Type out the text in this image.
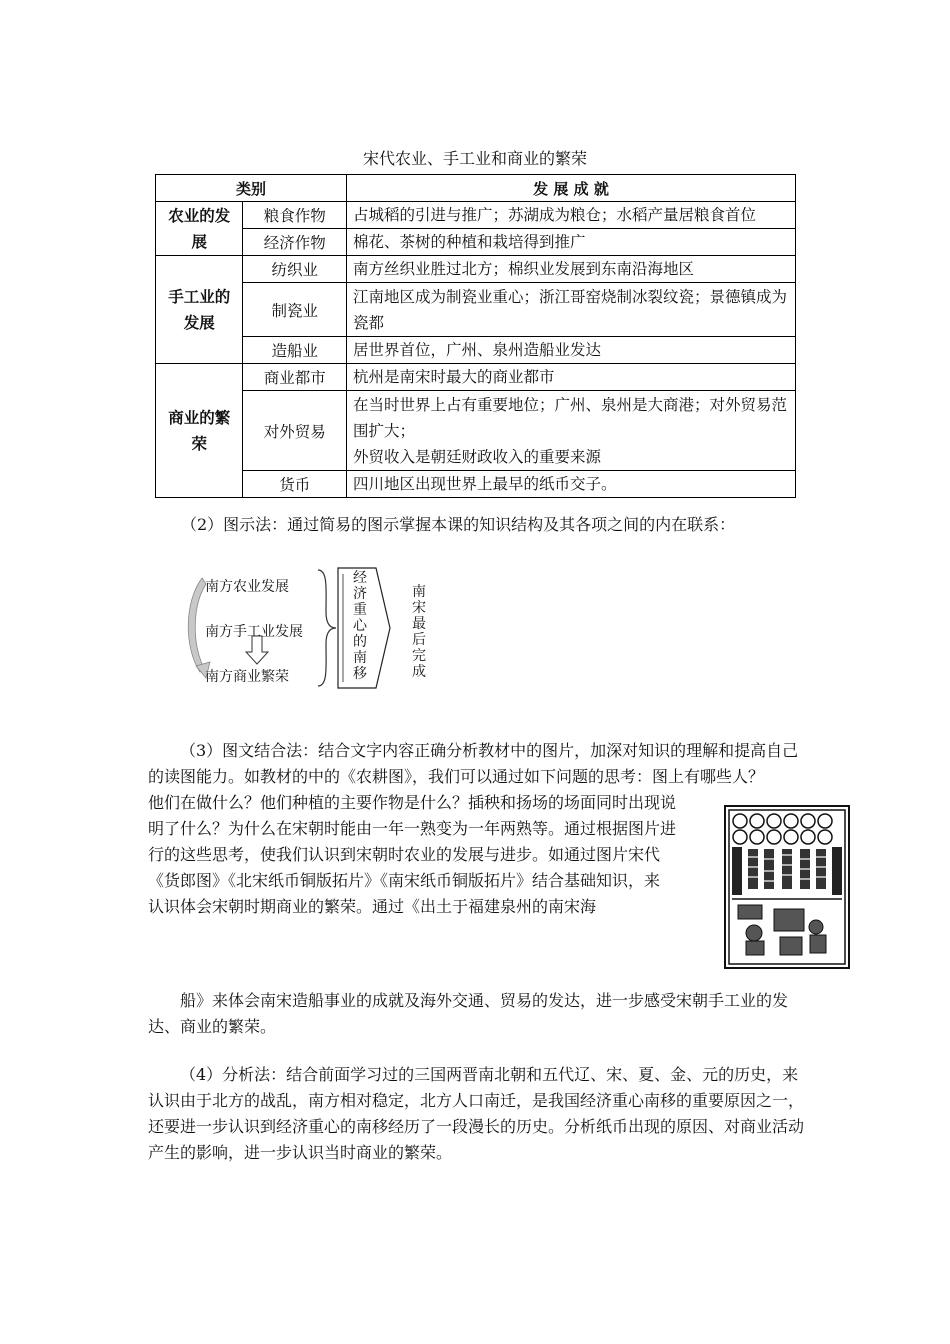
宋代农业、手工业和商业的繁荣
类别		发 展 成 就
农业的发展	粮食作物	占城稻的引进与推广；苏湖成为粮仓；水稻产量居粮食首位
	经济作物	棉花、茶树的种植和栽培得到推广
手工业的发展	纺织业	南方丝织业胜过北方；棉织业发展到东南沿海地区
	制瓷业	江南地区成为制瓷业重心；浙江哥窑烧制冰裂纹瓷；景德镇成为瓷都
	造船业	居世界首位，广州、泉州造船业发达
商业的繁荣	商业都市	杭州是南宋时最大的商业都市
	对外贸易	在当时世界上占有重要地位；广州、泉州是大商港；对外贸易范围扩大；
外贸收入是朝廷财政收入的重要来源

	货币	四川地区出现世界上最早的纸币交子。
（2）图示法：通过简易的图示掌握本课的知识结构及其各项之间的内在联系：
南方农业发展
南方手工业发展
南方商业繁荣
经济重心的南移
南宋最后完成
（3）图文结合法：结合文字内容正确分析教材中的图片，加深对知识的理解和提高自己的读图能力。如教材的中的《农耕图》，我们可以通过如下问题的思考：图上有哪些人？
他们在做什么？他们种植的主要作物是什么？插秧和扬场的场面同时出现说
明了什么？为什么在宋朝时能由一年一熟变为一年两熟等。通过根据图片进
行的这些思考，使我们认识到宋朝时农业的发展与进步。如通过图片宋代
《货郎图》《北宋纸币铜版拓片》《南宋纸币铜版拓片》结合基础知识，来
认识体会宋朝时期商业的繁荣。通过《出土于福建泉州的南宋海
船》来体会南宋造船事业的成就及海外交通、贸易的发达，进一步感受宋朝手工业的发达、商业的繁荣。
（4）分析法：结合前面学习过的三国两晋南北朝和五代辽、宋、夏、金、元的历史，来认识由于北方的战乱，南方相对稳定，北方人口南迁，是我国经济重心南移的重要原因之一，还要进一步认识到经济重心的南移经历了一段漫长的历史。分析纸币出现的原因、对商业活动产生的影响，进一步认识当时商业的繁荣。
